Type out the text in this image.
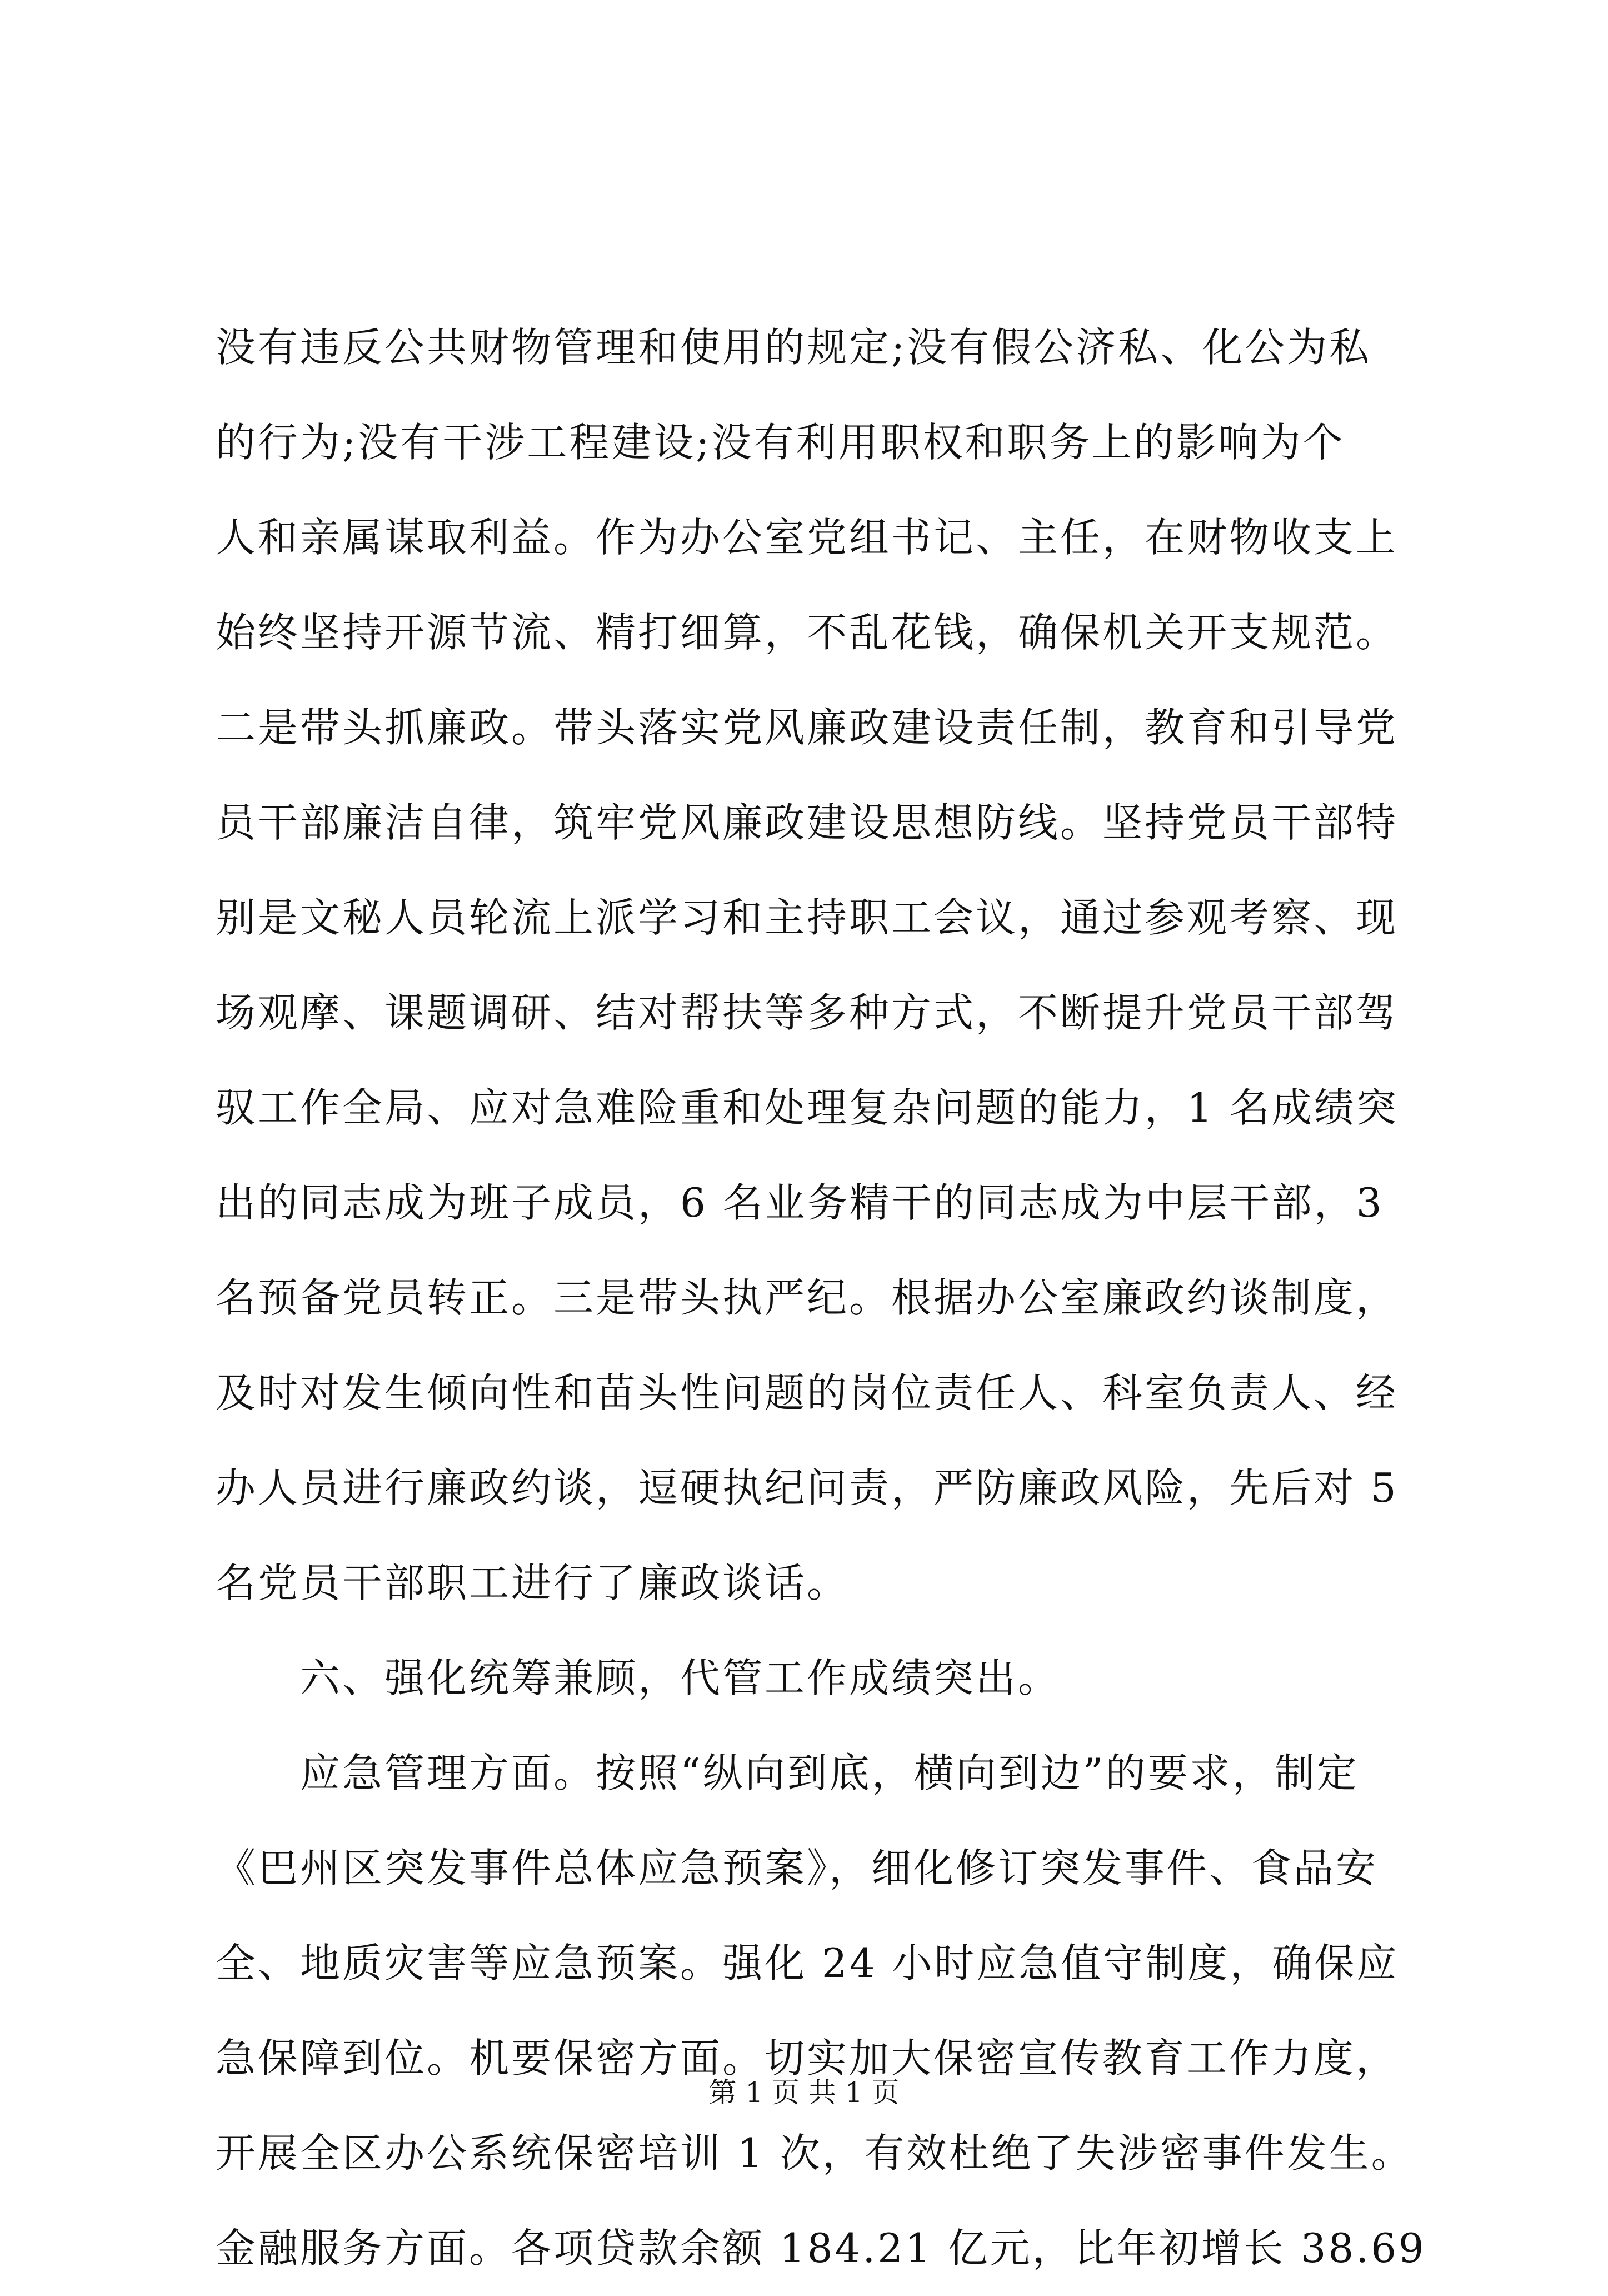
没有违反公共财物管理和使用的规定;没有假公济私、化公为私
的行为;没有干涉工程建设;没有利用职权和职务上的影响为个
人和亲属谋取利益。作为办公室党组书记、主任，在财物收支上
始终坚持开源节流、精打细算，不乱花钱，确保机关开支规范。
二是带头抓廉政。带头落实党风廉政建设责任制，教育和引导党
员干部廉洁自律，筑牢党风廉政建设思想防线。坚持党员干部特
别是文秘人员轮流上派学习和主持职工会议，通过参观考察、现
场观摩、课题调研、结对帮扶等多种方式，不断提升党员干部驾
驭工作全局、应对急难险重和处理复杂问题的能力，1 名成绩突
出的同志成为班子成员，6 名业务精干的同志成为中层干部，3
名预备党员转正。三是带头执严纪。根据办公室廉政约谈制度，
及时对发生倾向性和苗头性问题的岗位责任人、科室负责人、经
办人员进行廉政约谈，逗硬执纪问责，严防廉政风险，先后对 5
名党员干部职工进行了廉政谈话。
　　六、强化统筹兼顾，代管工作成绩突出。
　　应急管理方面。按照“纵向到底，横向到边”的要求，制定
《巴州区突发事件总体应急预案》，细化修订突发事件、食品安
全、地质灾害等应急预案。强化 24 小时应急值守制度，确保应
急保障到位。机要保密方面。切实加大保密宣传教育工作力度，
开展全区办公系统保密培训 1 次，有效杜绝了失涉密事件发生。
金融服务方面。各项贷款余额 184.21 亿元，比年初增长 38.69
第 1 页 共 1 页
